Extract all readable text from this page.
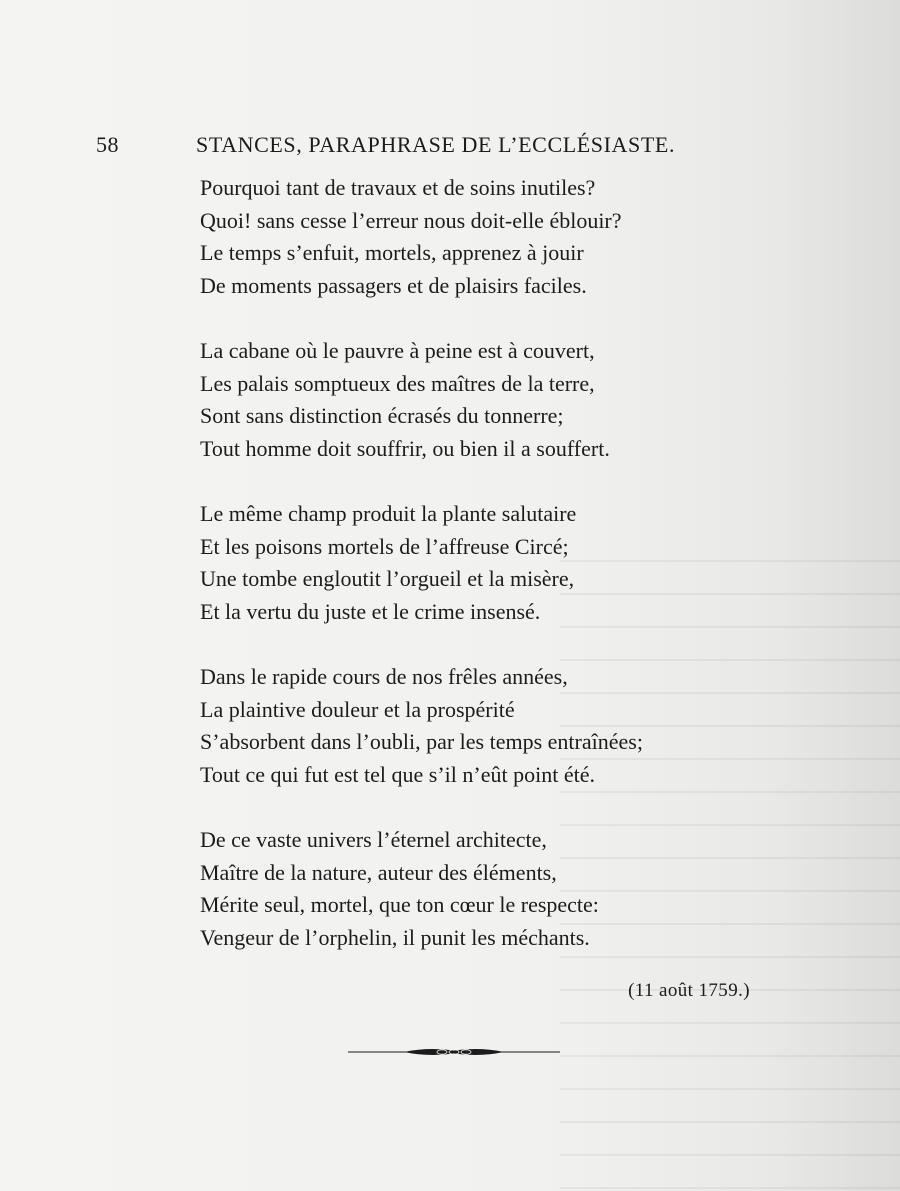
58	STANCES, PARAPHRASE DE L’ECCLÉSIASTE.
Pourquoi tant de travaux et de soins inutiles?
Quoi! sans cesse l’erreur nous doit-elle éblouir?
Le temps s’enfuit, mortels, apprenez à jouir
De moments passagers et de plaisirs faciles.
La cabane où le pauvre à peine est à couvert,
Les palais somptueux des maîtres de la terre,
Sont sans distinction écrasés du tonnerre;
Tout homme doit souffrir, ou bien il a souffert.
Le même champ produit la plante salutaire
Et les poisons mortels de l’affreuse Circé;
Une tombe engloutit l’orgueil et la misère,
Et la vertu du juste et le crime insensé.
Dans le rapide cours de nos frêles années,
La plaintive douleur et la prospérité
S’absorbent dans l’oubli, par les temps entraînées;
Tout ce qui fut est tel que s’il n’eût point été.
De ce vaste univers l’éternel architecte,
Maître de la nature, auteur des éléments,
Mérite seul, mortel, que ton cœur le respecte:
Vengeur de l’orphelin, il punit les méchants.
(11 août 1759.)
